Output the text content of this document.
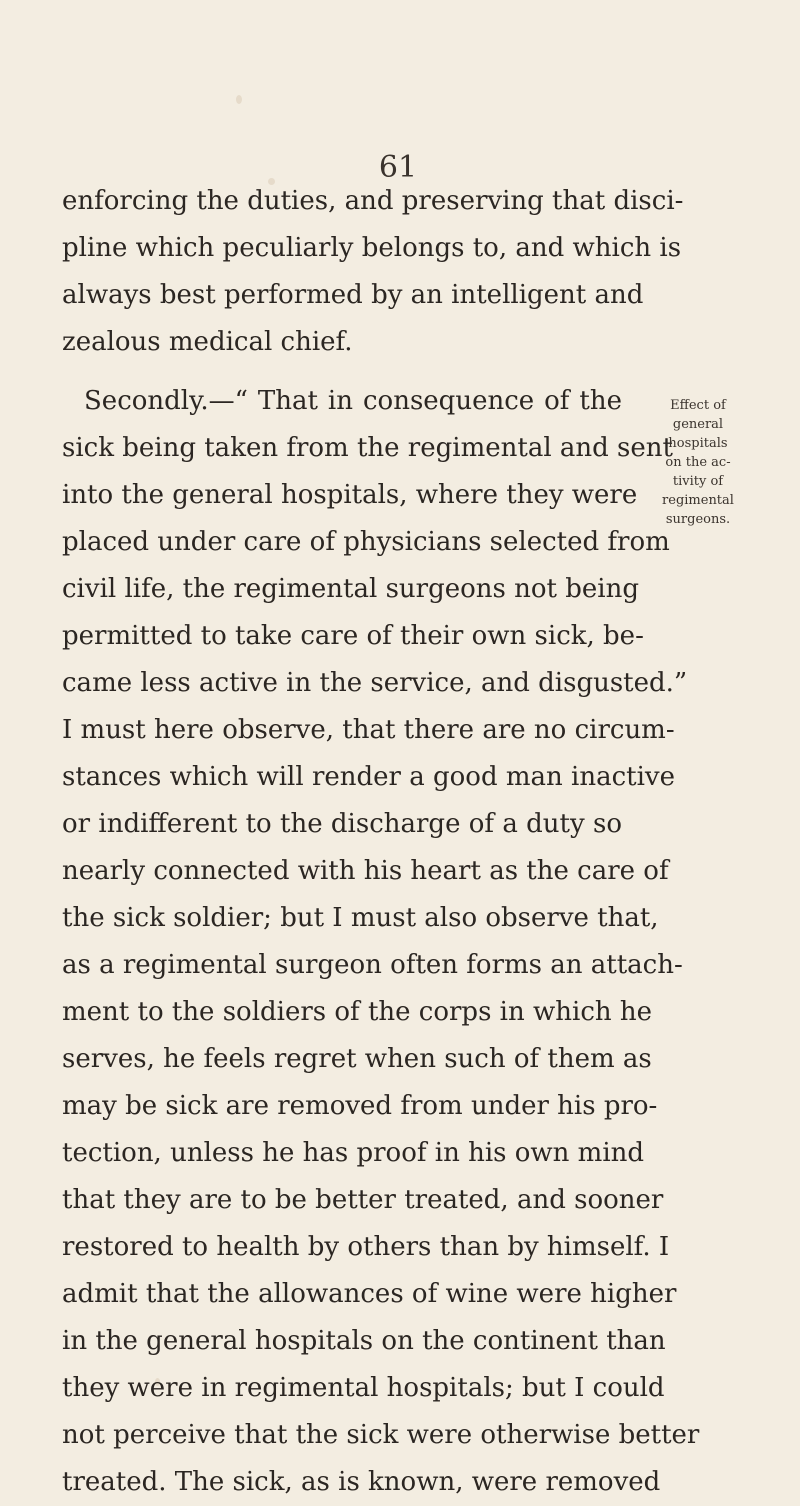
61
enforcing the duties, and preserving that disci-
pline which peculiarly belongs to, and which is
always best performed by an intelligent and
zealous medical chief.
Secondly.—“ That in consequence of the
sick being taken from the regimental and sent
into the general hospitals, where they were
placed under care of physicians selected from
civil life, the regimental surgeons not being
permitted to take care of their own sick, be-
came less active in the service, and disgusted.”
I must here observe, that there are no circum-
stances which will render a good man inactive
or indifferent to the discharge of a duty so
nearly connected with his heart as the care of
the sick soldier; but I must also observe that,
as a regimental surgeon often forms an attach-
ment to the soldiers of the corps in which he
serves, he feels regret when such of them as
may be sick are removed from under his pro-
tection, unless he has proof in his own mind
that they are to be better treated, and sooner
restored to health by others than by himself. I
admit that the allowances of wine were higher
in the general hospitals on the continent than
they were in regimental hospitals; but I could
not perceive that the sick were otherwise better
treated. The sick, as is known, were removed
Effect of
general
hospitals
on the ac-
tivity of
regimental
surgeons.
